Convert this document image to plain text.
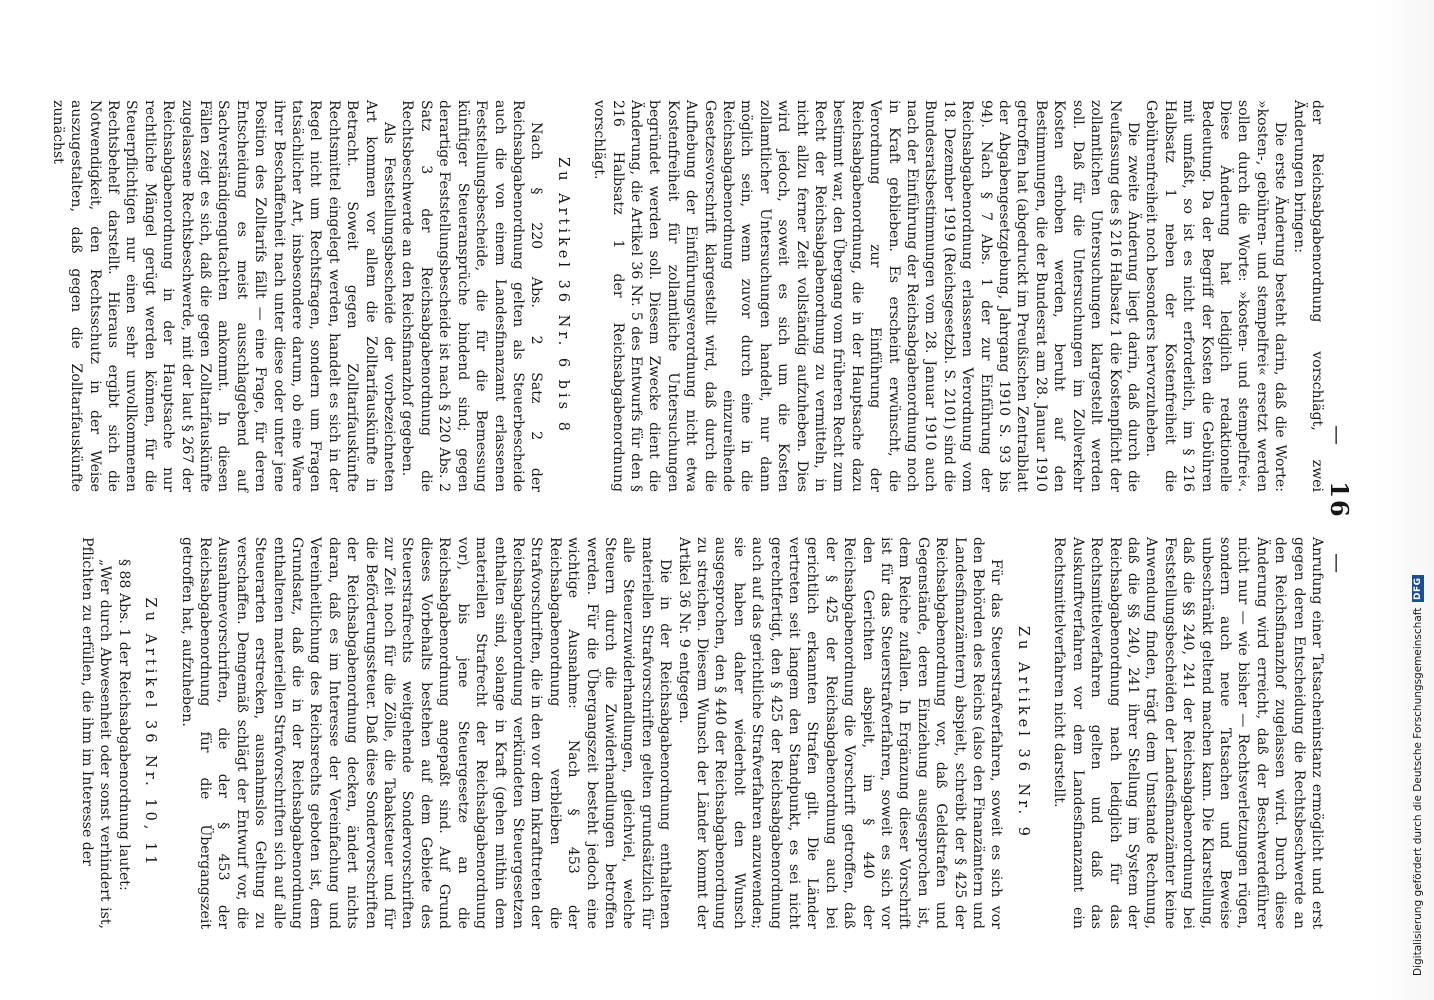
— 16 —

der Reichsabgabenordnung vorschlägt, zwei Änderungen bringen:

Die erste Änderung besteht darin, daß die Worte: »kosten-, gebühren- und stempelfrei« ersetzt werden sollen durch die Worte: »kosten- und stempelfrei«. Diese Änderung hat lediglich redaktionelle Bedeutung. Da der Begriff der Kosten die Gebühren mit umfaßt, so ist es nicht erforderlich, im § 216 Halbsatz 1 neben der Kostenfreiheit die Gebührenfreiheit noch besonders hervorzuheben.

Die zweite Änderung liegt darin, daß durch die Neufassung des § 216 Halbsatz 1 die Kostenpflicht der zollamtlichen Untersuchungen klargestellt werden soll. Daß für die Untersuchungen im Zollverkehr Kosten erhoben werden, beruht auf den Bestimmungen, die der Bundesrat am 28. Januar 1910 getroffen hat (abgedruckt im Preußischen Zentralblatt der Abgabengesetzgebung, Jahrgang 1910 S. 93 bis 94). Nach § 7 Abs. 1 der zur Einführung der Reichsabgabenordnung erlassenen Verordnung vom 18. Dezember 1919 (Reichsgesetzbl. S. 2101) sind die Bundesratsbestimmungen vom 28. Januar 1910 auch nach der Einführung der Reichsabgabenordnung noch in Kraft geblieben. Es erscheint erwünscht, die Verordnung zur Einführung der Reichsabgabenordnung, die in der Hauptsache dazu bestimmt war, den Übergang vom früheren Recht zum Recht der Reichsabgabenordnung zu vermitteln, in nicht allzu ferner Zeit vollständig aufzuheben. Dies wird jedoch, soweit es sich um die Kosten zollamtlicher Untersuchungen handelt, nur dann möglich sein, wenn zuvor durch eine in die Reichsabgabenordnung einzureihende Gesetzesvorschrift klargestellt wird, daß durch die Aufhebung der Einführungsverordnung nicht etwa Kostenfreiheit für zollamtliche Untersuchungen begründet werden soll. Diesem Zwecke dient die Änderung, die Artikel 36 Nr. 5 des Entwurfs für den § 216 Halbsatz 1 der Reichsabgabenordnung vorschlägt.

Zu Artikel 36 Nr. 6 bis 8

Nach § 220 Abs. 2 Satz 2 der Reichsabgabenordnung gelten als Steuerbescheide auch die von einem Landesfinanzamt erlassenen Feststellungsbescheide, die für die Bemessung künftiger Steueransprüche bindend sind; gegen derartige Feststellungsbescheide ist nach § 220 Abs. 2 Satz 3 der Reichsabgabenordnung die Rechtsbeschwerde an den Reichsfinanzhof gegeben.

Als Feststellungsbescheide der vorbezeichneten Art kommen vor allem die Zolltarifauskünfte in Betracht. Soweit gegen Zolltarifauskünfte Rechtsmittel eingelegt werden, handelt es sich in der Regel nicht um Rechtsfragen, sondern um Fragen tatsächlicher Art, insbesondere darum, ob eine Ware ihrer Beschaffenheit nach unter diese oder unter jene Position des Zolltarifs fällt — eine Frage, für deren Entscheidung es meist ausschlaggebend auf Sachverständigengutachten ankommt. In diesen Fällen zeigt es sich, daß die gegen Zolltarifauskünfte zugelassene Rechtsbeschwerde, mit der laut § 267 der Reichsabgabenordnung in der Hauptsache nur rechtliche Mängel gerügt werden können, für die Steuerpflichtigen nur einen sehr unvollkommenen Rechtsbehelf darstellt. Hieraus ergibt sich die Notwendigkeit, den Rechtsschutz in der Weise auszugestalten, daß gegen die Zolltarifauskünfte zunächst

Anrufung einer Tatsacheninstanz ermöglicht und erst gegen deren Entscheidung die Rechtsbeschwerde an den Reichsfinanzhof zugelassen wird. Durch diese Änderung wird erreicht, daß der Beschwerdeführer nicht nur — wie bisher — Rechtsverletzungen rügen, sondern auch neue Tatsachen und Beweise unbeschränkt geltend machen kann. Die Klarstellung, daß die §§ 240, 241 der Reichsabgabenordnung bei Feststellungsbescheiden der Landesfinanzämter keine Anwendung finden, trägt dem Umstande Rechnung, daß die §§ 240, 241 ihrer Stellung im System der Reichsabgabenordnung nach lediglich für das Rechtsmittelverfahren gelten und daß das Auskunftverfahren vor dem Landesfinanzamt ein Rechtsmittelverfahren nicht darstellt.

Zu Artikel 36 Nr. 9

Für das Steuerstrafverfahren, soweit es sich vor den Behörden des Reichs (also den Finanzämtern und Landesfinanzämtern) abspielt, schreibt der § 425 der Reichsabgabenordnung vor, daß Geldstrafen und Gegenstände, deren Einziehung ausgesprochen ist, dem Reiche zufallen. In Ergänzung dieser Vorschrift ist für das Steuerstrafverfahren, soweit es sich vor den Gerichten abspielt, im § 440 der Reichsabgabenordnung die Vorschrift getroffen, daß der § 425 der Reichsabgabenordnung auch bei gerichtlich erkannten Strafen gilt. Die Länder vertreten seit langem den Standpunkt, es sei nicht gerechtfertigt, den § 425 der Reichsabgabenordnung auch auf das gerichtliche Strafverfahren anzuwenden; sie haben daher wiederholt den Wunsch ausgesprochen, den § 440 der Reichsabgabenordnung zu streichen. Diesem Wunsch der Länder kommt der Artikel 36 Nr. 9 entgegen.

Die in der Reichsabgabenordnung enthaltenen materiellen Strafvorschriften gelten grundsätzlich für alle Steuerzuwiderhandlungen, gleichviel, welche Steuern durch die Zuwiderhandlungen betroffen werden. Für die Übergangszeit besteht jedoch eine wichtige Ausnahme: Nach § 453 der Reichsabgabenordnung verbleiben die Strafvorschriften, die in den vor dem Inkrafttreten der Reichsabgabenordnung verkündeten Steuergesetzen enthalten sind, solange in Kraft (gehen mithin dem materiellen Strafrecht der Reichsabgabenordnung vor), bis jene Steuergesetze an die Reichsabgabenordnung angepaßt sind. Auf Grund dieses Vorbehalts bestehen auf dem Gebiete des Steuerstrafrechts weitgehende Sondervorschriften zur Zeit noch für die Zölle, die Tabaksteuer und für die Beförderungssteuer. Daß diese Sondervorschriften der Reichsabgabenordnung decken, ändert nichts daran, daß es im Interesse der Vereinfachung und Vereinheitlichung des Reichsrechts geboten ist, dem Grundsatz, daß die in der Reichsabgabenordnung enthaltenen materiellen Strafvorschriften sich auf alle Steuerarten erstrecken, ausnahmslos Geltung zu verschaffen. Demgemäß schlägt der Entwurf vor, die Ausnahmevorschriften, die der § 453 der Reichsabgabenordnung für die Übergangszeit getroffen hat, aufzuheben.

Zu Artikel 36 Nr. 10, 11

§ 88 Abs. 1 der Reichsabgabenordnung lautet:

„Wer durch Abwesenheit oder sonst verhindert ist, Pflichten zu erfüllen, die ihm im Interesse der	Digitalisierung gefördert durch die Deutsche Forschungsgemeinschaft
DFG
